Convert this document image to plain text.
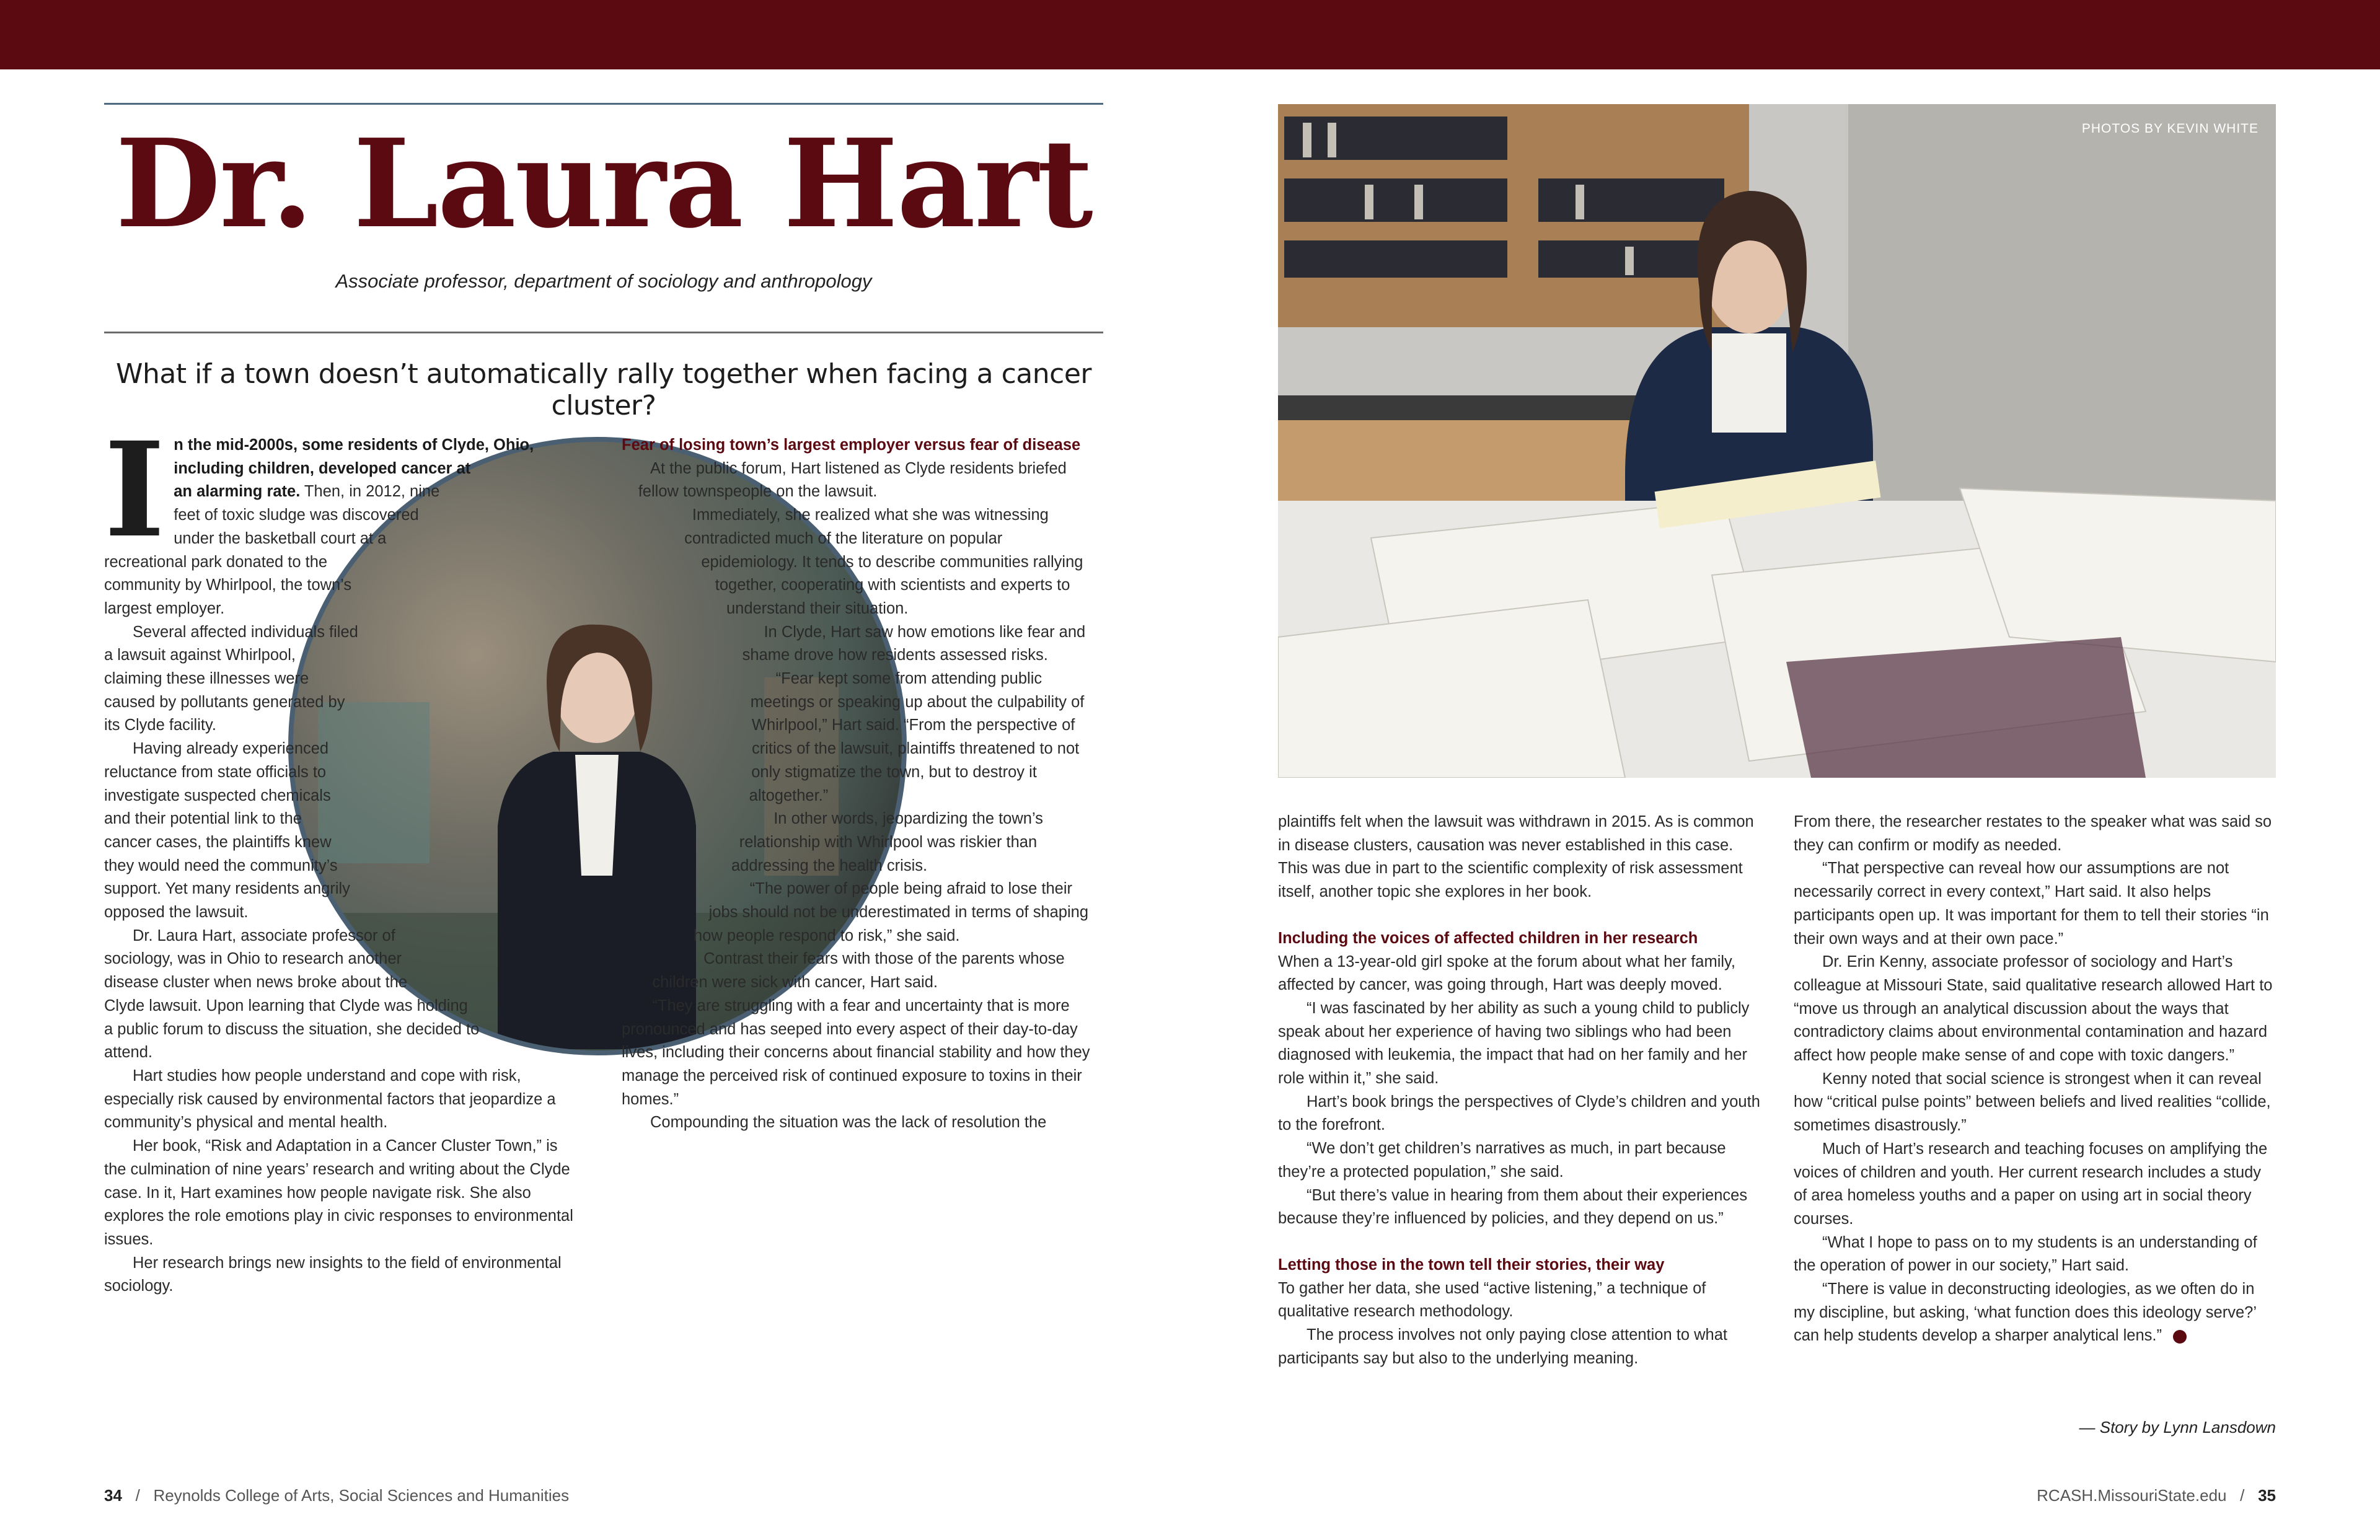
Dr. Laura Hart
Associate professor, department of sociology and anthropology
What if a town doesn’t automatically rally together when facing a cancer cluster?
I n the mid-2000s, some residents of Clyde, Ohio, including children, developed cancer at an alarming rate. Then, in 2012, nine feet of toxic sludge was discovered under the basketball court at a recreational park donated to the community by Whirlpool, the town’s largest employer.

Several affected individuals filed a lawsuit against Whirlpool, claiming these illnesses were caused by pollutants generated by its Clyde facility.

Having already experienced reluctance from state officials to investigate suspected chemicals and their potential link to the cancer cases, the plaintiffs knew they would need the community’s support. Yet many residents angrily opposed the lawsuit.

Dr. Laura Hart, associate professor of sociology, was in Ohio to research another disease cluster when news broke about the Clyde lawsuit. Upon learning that Clyde was holding a public forum to discuss the situation, she decided to attend.

Hart studies how people understand and cope with risk, especially risk caused by environmental factors that jeopardize a community’s physical and mental health.

Her book, “Risk and Adaptation in a Cancer Cluster Town,” is the culmination of nine years’ research and writing about the Clyde case. In it, Hart examines how people navigate risk. She also explores the role emotions play in civic responses to environmental issues.

Her research brings new insights to the field of environmental sociology.

Fear of losing town’s largest employer versus fear of disease

At the public forum, Hart listened as Clyde residents briefed fellow townspeople on the lawsuit.

Immediately, she realized what she was witnessing contradicted much of the literature on popular epidemiology. It tends to describe communities rallying together, cooperating with scientists and experts to understand their situation.

In Clyde, Hart saw how emotions like fear and shame drove how residents assessed risks.

“Fear kept some from attending public meetings or speaking up about the culpability of Whirlpool,” Hart said. “From the perspective of critics of the lawsuit, plaintiffs threatened to not only stigmatize the town, but to destroy it altogether.”

In other words, jeopardizing the town’s relationship with Whirlpool was riskier than addressing the health crisis.

“The power of people being afraid to lose their jobs should not be underestimated in terms of shaping how people respond to risk,” she said.

Contrast their fears with those of the parents whose children were sick with cancer, Hart said.

“They are struggling with a fear and uncertainty that is more pronounced and has seeped into every aspect of their day-to-day lives, including their concerns about financial stability and how they manage the perceived risk of continued exposure to toxins in their homes.”

Compounding the situation was the lack of resolution the

34 / Reynolds College of Arts, Social Sciences and Humanities
PHOTOS BY KEVIN WHITE

plaintiffs felt when the lawsuit was withdrawn in 2015. As is common in disease clusters, causation was never established in this case. This was due in part to the scientific complexity of risk assessment itself, another topic she explores in her book.

Including the voices of affected children in her research

When a 13-year-old girl spoke at the forum about what her family, affected by cancer, was going through, Hart was deeply moved.

“I was fascinated by her ability as such a young child to publicly speak about her experience of having two siblings who had been diagnosed with leukemia, the impact that had on her family and her role within it,” she said.

Hart’s book brings the perspectives of Clyde’s children and youth to the forefront.

“We don’t get children’s narratives as much, in part because they’re a protected population,” she said.

“But there’s value in hearing from them about their experiences because they’re influenced by policies, and they depend on us.”

Letting those in the town tell their stories, their way

To gather her data, she used “active listening,” a technique of qualitative research methodology.

The process involves not only paying close attention to what participants say but also to the underlying meaning.

From there, the researcher restates to the speaker what was said so they can confirm or modify as needed.

“That perspective can reveal how our assumptions are not necessarily correct in every context,” Hart said. It also helps participants open up. It was important for them to tell their stories “in their own ways and at their own pace.”

Dr. Erin Kenny, associate professor of sociology and Hart’s colleague at Missouri State, said qualitative research allowed Hart to “move us through an analytical discussion about the ways that contradictory claims about environmental contamination and hazard affect how people make sense of and cope with toxic dangers.”

Kenny noted that social science is strongest when it can reveal how “critical pulse points” between beliefs and lived realities “collide, sometimes disastrously.”

Much of Hart’s research and teaching focuses on amplifying the voices of children and youth. Her current research includes a study of area homeless youths and a paper on using art in social theory courses.

“What I hope to pass on to my students is an understanding of the operation of power in our society,” Hart said.

“There is value in deconstructing ideologies, as we often do in my discipline, but asking, ‘what function does this ideology serve?’ can help students develop a sharper analytical lens.”

— Story by Lynn Lansdown
RCASH.MissouriState.edu / 35
